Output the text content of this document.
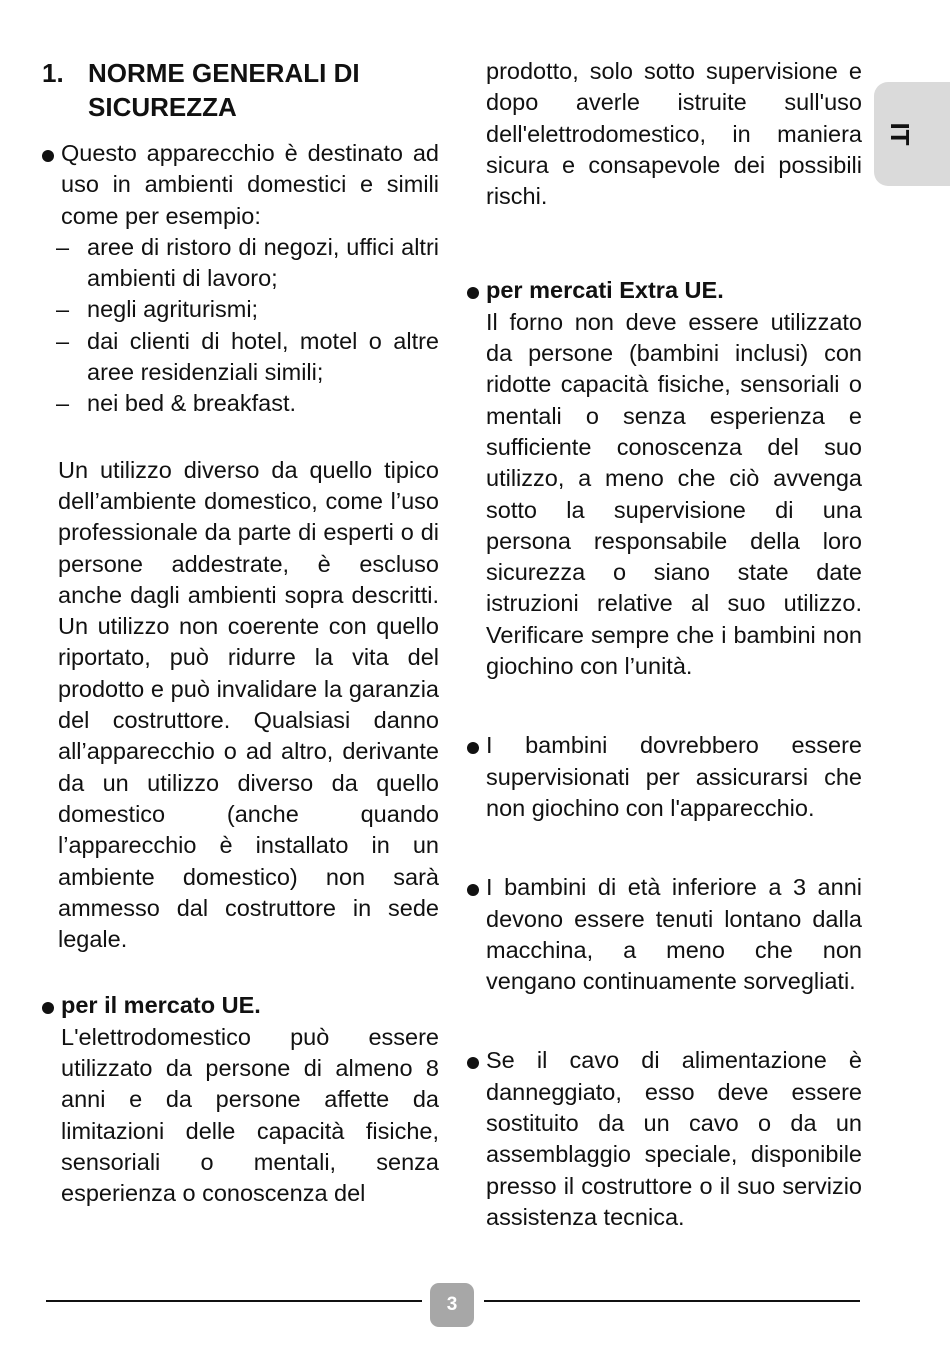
IT
1. NORME GENERALI DI SICUREZZA
Questo apparecchio è destinato ad uso in ambienti domestici e simili come per esempio:
– aree di ristoro di negozi, uffici altri ambienti di lavoro;
– negli agriturismi;
– dai clienti di hotel, motel o altre aree residenziali simili;
– nei bed & breakfast.
Un utilizzo diverso da quello tipico dell’ambiente domestico, come l’uso professionale da parte di esperti o di persone addestrate, è escluso anche dagli ambienti sopra descritti. Un utilizzo non coerente con quello riportato, può ridurre la vita del prodotto e può invalidare la garanzia del costruttore. Qualsiasi danno all’apparecchio o ad altro, derivante da un utilizzo diverso da quello domestico (anche quando l’apparecchio è installato in un ambiente domestico) non sarà ammesso dal costruttore in sede legale.
per il mercato UE.
L'elettrodomestico può essere utilizzato da persone di almeno 8 anni e da persone affette da limitazioni delle capacità fisiche, sensoriali o mentali, senza esperienza o conoscenza del
prodotto, solo sotto supervisione e dopo averle istruite sull'uso dell'elettrodomestico, in maniera sicura e consapevole dei possibili rischi.
per mercati Extra UE.
Il forno non deve essere utilizzato da persone (bambini inclusi) con ridotte capacità fisiche, sensoriali o mentali o senza esperienza e sufficiente conoscenza del suo utilizzo, a meno che ciò avvenga sotto la supervisione di una persona responsabile della loro sicurezza o siano state date istruzioni relative al suo utilizzo. Verificare sempre che i bambini non giochino con l’unità.
I bambini dovrebbero essere supervisionati per assicurarsi che non giochino con l'apparecchio.
I bambini di età inferiore a 3 anni devono essere tenuti lontano dalla macchina, a meno che non vengano continuamente sorvegliati.
Se il cavo di alimentazione è danneggiato, esso deve essere sostituito da un cavo o da un assemblaggio speciale, disponibile presso il costruttore o il suo servizio assistenza tecnica.
3
